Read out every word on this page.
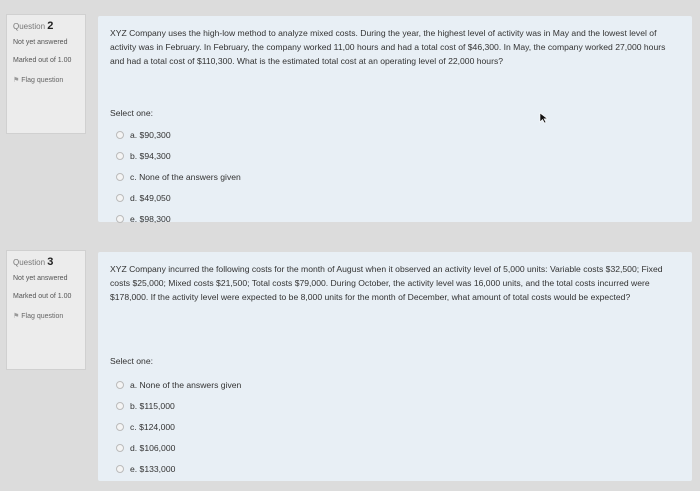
Question 2
Not yet answered
Marked out of 1.00
⚑ Flag question
XYZ Company uses the high-low method to analyze mixed costs. During the year, the highest level of activity was in May and the lowest level of activity was in February. In February, the company worked 11,00 hours and had a total cost of $46,300. In May, the company worked 27,000 hours and had a total cost of $110,300. What is the estimated total cost at an operating level of 22,000 hours?
Select one:
a. $90,300
b. $94,300
c. None of the answers given
d. $49,050
e. $98,300
Question 3
Not yet answered
Marked out of 1.00
⚑ Flag question
XYZ Company incurred the following costs for the month of August when it observed an activity level of 5,000 units: Variable costs $32,500; Fixed costs $25,000; Mixed costs $21,500; Total costs $79,000. During October, the activity level was 16,000 units, and the total costs incurred were $178,000. If the activity level were expected to be 8,000 units for the month of December, what amount of total costs would be expected?
Select one:
a. None of the answers given
b. $115,000
c. $124,000
d. $106,000
e. $133,000
